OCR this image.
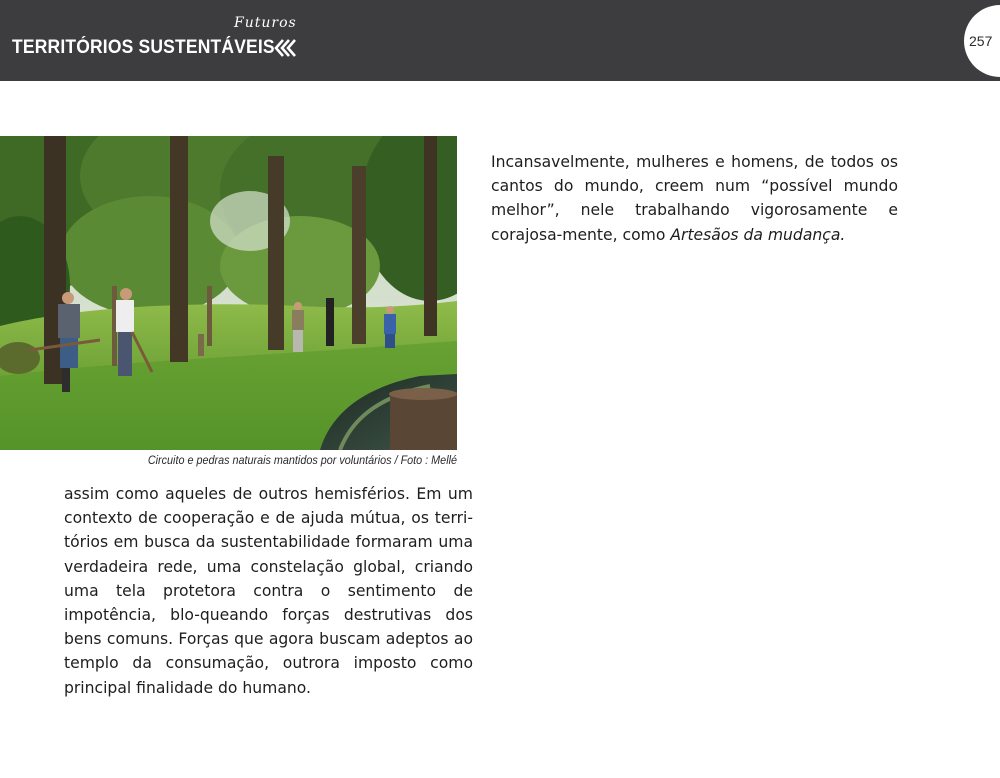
Futuros
TERRITÓRIOS SUSTENTÁVEIS	257
Circuito e pedras naturais mantidos por voluntários / Foto : Mellé

Incansavelmente, mulheres e homens, de todos os cantos do mundo, creem num “possível mundo melhor”, nele trabalhando vigorosamente e corajosa-mente, como Artesãos da mudança.

assim como aqueles de outros hemisférios. Em um contexto de cooperação e de ajuda mútua, os terri-tórios em busca da sustentabilidade formaram uma verdadeira rede, uma constelação global, criando uma tela protetora contra o sentimento de impotência, blo-queando forças destrutivas dos bens comuns. Forças que agora buscam adeptos ao templo da consumação, outrora imposto como principal finalidade do humano.
